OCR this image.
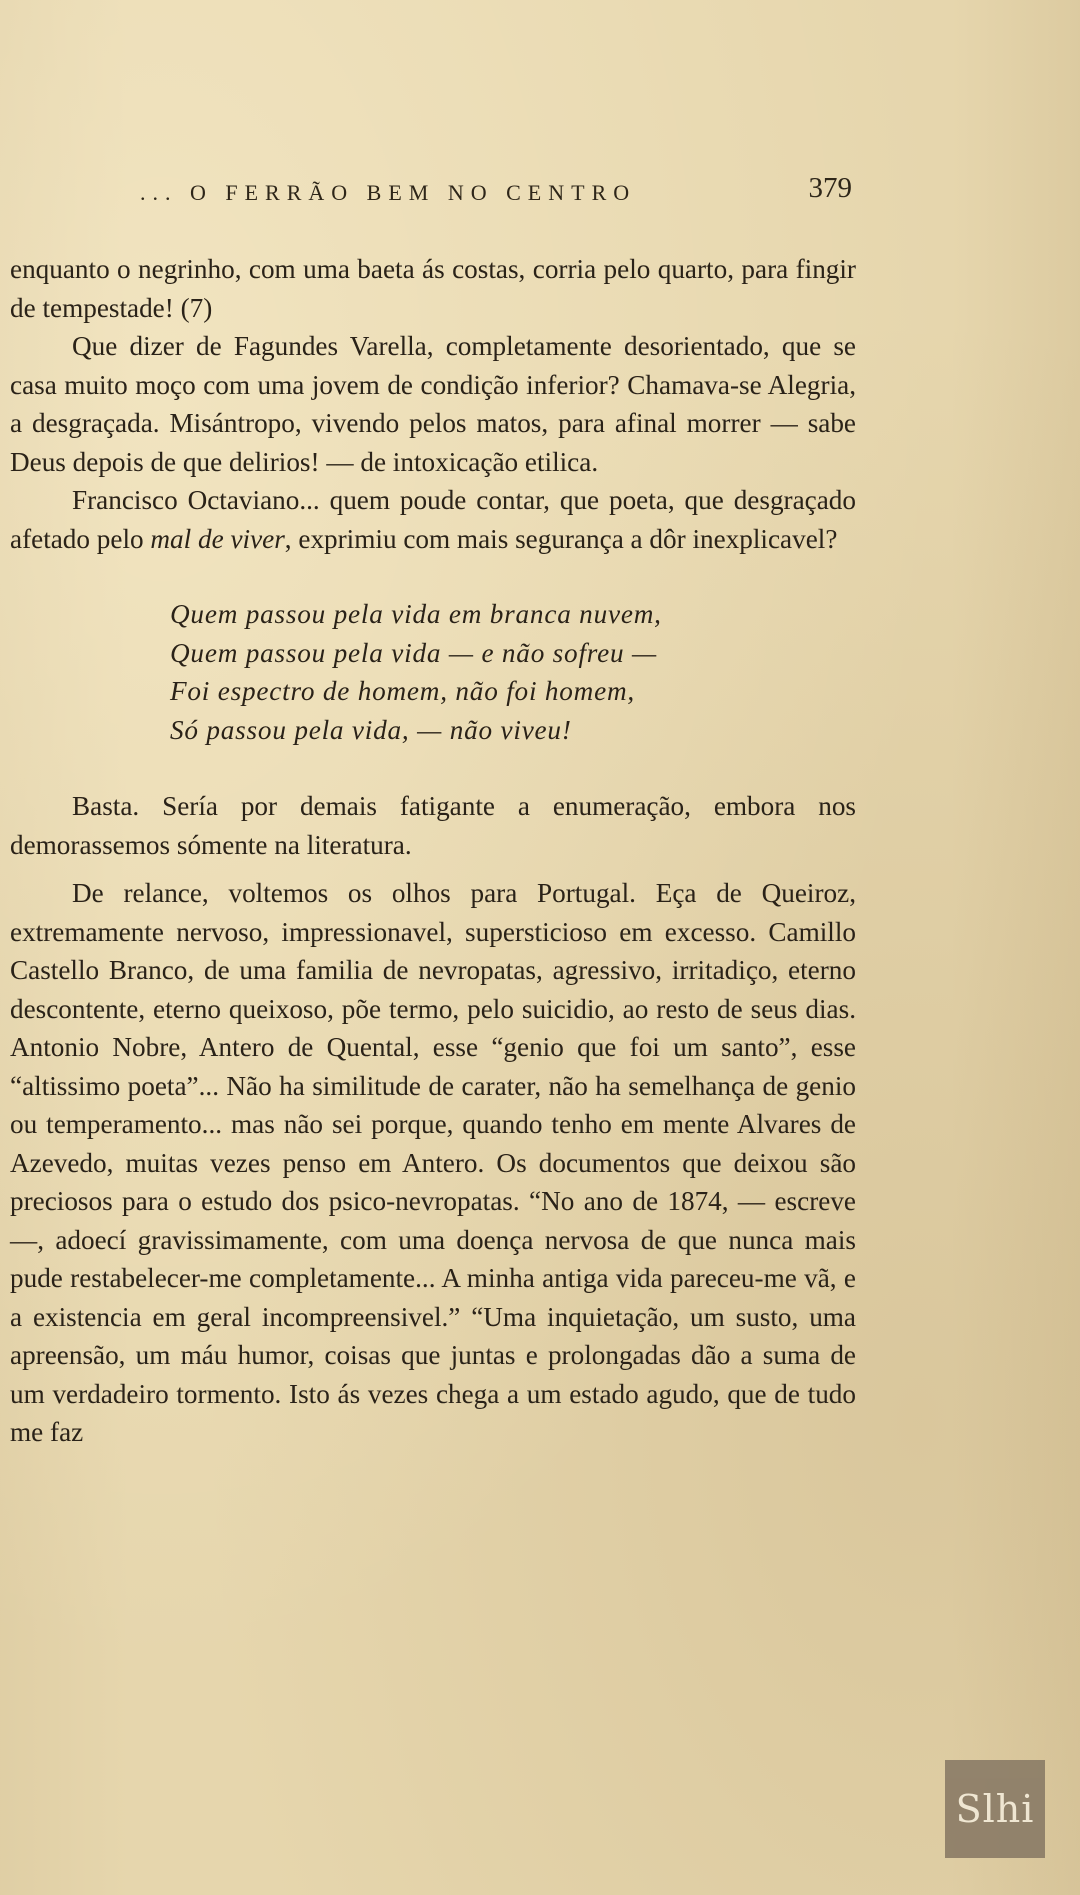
... O FERRÃO BEM NO CENTRO	379

enquanto o negrinho, com uma baeta ás costas, corria pelo quarto, para fingir de tempestade! (7)

Que dizer de Fagundes Varella, completamente desorientado, que se casa muito moço com uma jovem de condição inferior? Chamava-se Alegria, a desgraçada. Misántropo, vivendo pelos matos, para afinal morrer — sabe Deus depois de que delirios! — de intoxicação etilica.

Francisco Octaviano... quem poude contar, que poeta, que desgraçado afetado pelo mal de viver, exprimiu com mais segurança a dôr inexplicavel?

Quem passou pela vida em branca nuvem,
Quem passou pela vida — e não sofreu —
Foi espectro de homem, não foi homem,
Só passou pela vida, — não viveu!

Basta. Sería por demais fatigante a enumeração, embora nos demorassemos sómente na literatura.

De relance, voltemos os olhos para Portugal. Eça de Queiroz, extremamente nervoso, impressionavel, supersticioso em excesso. Camillo Castello Branco, de uma familia de nevropatas, agressivo, irritadiço, eterno descontente, eterno queixoso, põe termo, pelo suicidio, ao resto de seus dias. Antonio Nobre, Antero de Quental, esse “genio que foi um santo”, esse “altissimo poeta”... Não ha similitude de carater, não ha semelhança de genio ou temperamento... mas não sei porque, quando tenho em mente Alvares de Azevedo, muitas vezes penso em Antero. Os documentos que deixou são preciosos para o estudo dos psico-nevropatas. “No ano de 1874, — escreve —, adoecí gravissimamente, com uma doença nervosa de que nunca mais pude restabelecer-me completamente... A minha antiga vida pareceu-me vã, e a existencia em geral incompreensivel.” “Uma inquietação, um susto, uma apreensão, um máu humor, coisas que juntas e prolongadas dão a suma de um verdadeiro tormento. Isto ás vezes chega a um estado agudo, que de tudo me faz

Slhi
